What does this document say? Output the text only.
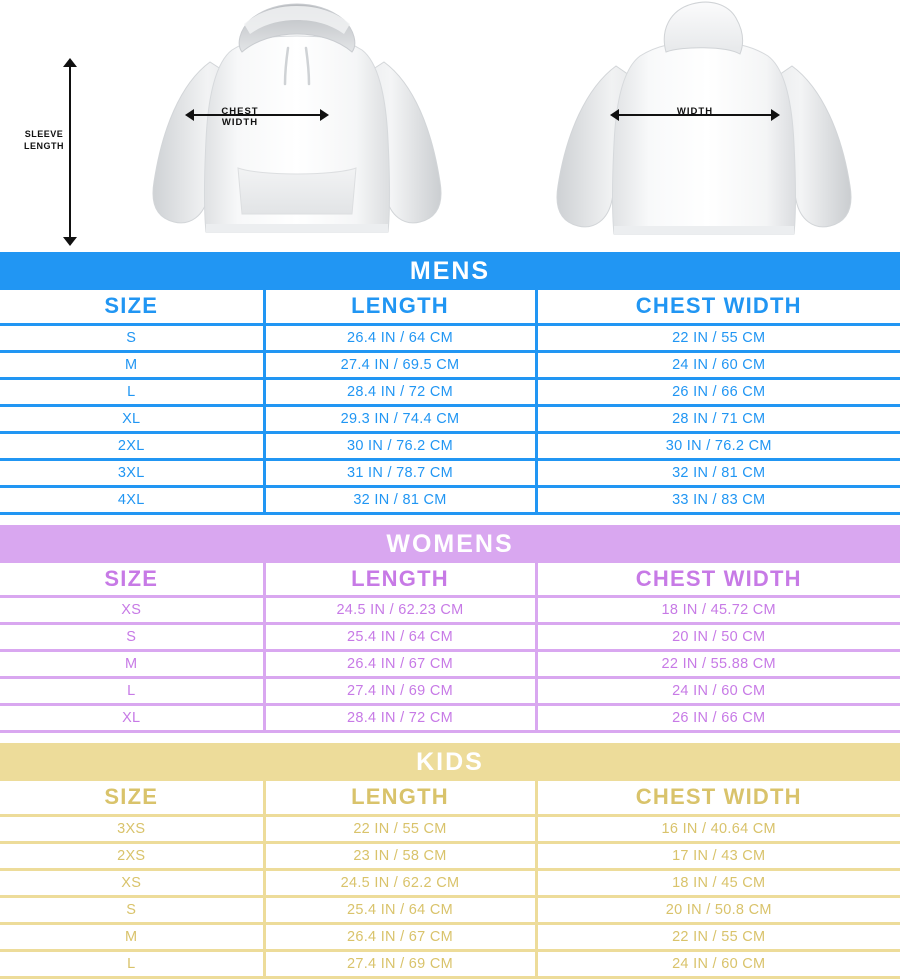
SLEEVE
LENGTH
CHEST
WIDTH
WIDTH
MENS
SIZE	LENGTH	CHEST WIDTH
S	26.4 IN / 64 CM	22 IN / 55 CM
M	27.4 IN / 69.5 CM	24 IN / 60 CM
L	28.4 IN / 72 CM	26 IN / 66 CM
XL	29.3 IN / 74.4 CM	28 IN / 71 CM
2XL	30 IN / 76.2 CM	30 IN / 76.2 CM
3XL	31 IN / 78.7 CM	32 IN / 81 CM
4XL	32 IN / 81 CM	33 IN / 83 CM
WOMENS
SIZE	LENGTH	CHEST WIDTH
XS	24.5 IN / 62.23 CM	18 IN / 45.72 CM
S	25.4 IN / 64 CM	20 IN / 50 CM
M	26.4 IN / 67 CM	22 IN / 55.88 CM
L	27.4 IN / 69 CM	24 IN / 60 CM
XL	28.4 IN / 72 CM	26 IN / 66 CM
KIDS
SIZE	LENGTH	CHEST WIDTH
3XS	22 IN / 55 CM	16 IN / 40.64 CM
2XS	23 IN / 58 CM	17 IN / 43 CM
XS	24.5 IN / 62.2 CM	18 IN / 45 CM
S	25.4 IN / 64 CM	20 IN / 50.8 CM
M	26.4 IN / 67 CM	22 IN / 55 CM
L	27.4 IN / 69 CM	24 IN / 60 CM
